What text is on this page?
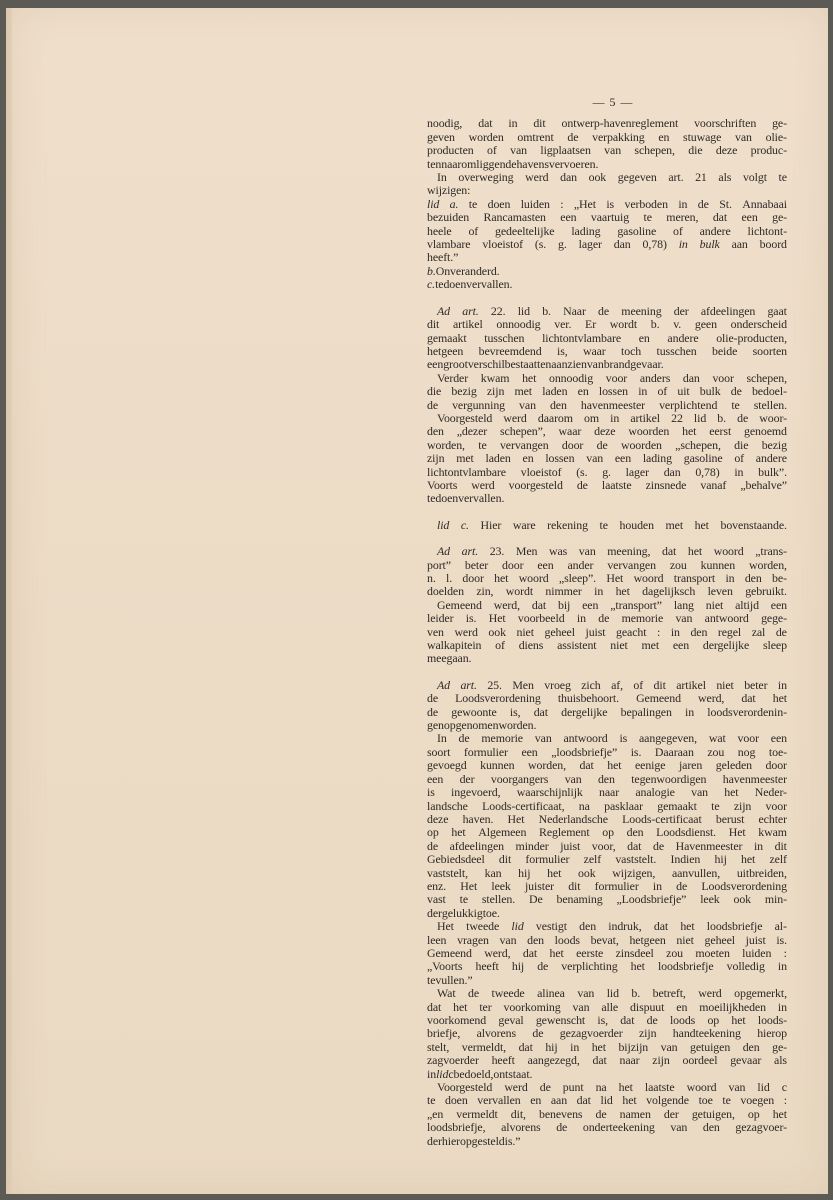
— 5 —
noodig, dat in dit ontwerp-havenreglement voorschriften ge-
geven worden omtrent de verpakking en stuwage van olie-
producten of van ligplaatsen van schepen, die deze produc-
ten naar omliggende havens vervoeren.
In overweging werd dan ook gegeven art. 21 als volgt te
wijzigen :
lid a. te doen luiden : „Het is verboden in de St. Annabaai
bezuiden Rancamasten een vaartuig te meren, dat een ge-
heele of gedeeltelijke lading gasoline of andere lichtont-
vlambare vloeistof (s. g. lager dan 0,78) in bulk aan boord
heeft.”
b. Onveranderd.
c. te doen vervallen.
Ad art. 22. lid b. Naar de meening der afdeelingen gaat
dit artikel onnoodig ver. Er wordt b. v. geen onderscheid
gemaakt tusschen lichtontvlambare en andere olie-producten,
hetgeen bevreemdend is, waar toch tusschen beide soorten
een groot verschil bestaat ten aanzien van brandgevaar.
Verder kwam het onnoodig voor anders dan voor schepen,
die bezig zijn met laden en lossen in of uit bulk de bedoel-
de vergunning van den havenmeester verplichtend te stellen.
Voorgesteld werd daarom om in artikel 22 lid b. de woor-
den „dezer schepen”, waar deze woorden het eerst genoemd
worden, te vervangen door de woorden „schepen, die bezig
zijn met laden en lossen van een lading gasoline of andere
lichtontvlambare vloeistof (s. g. lager dan 0,78) in bulk”.
Voorts werd voorgesteld de laatste zinsnede vanaf „behalve”
te doen vervallen.
lid c. Hier ware rekening te houden met het bovenstaande.
Ad art. 23. Men was van meening, dat het woord „trans-
port” beter door een ander vervangen zou kunnen worden,
n. l. door het woord „sleep”. Het woord transport in den be-
doelden zin, wordt nimmer in het dagelijksch leven gebruikt.
Gemeend werd, dat bij een „transport” lang niet altijd een
leider is. Het voorbeeld in de memorie van antwoord gege-
ven werd ook niet geheel juist geacht : in den regel zal de
walkapitein of diens assistent niet met een dergelijke sleep
meegaan.
Ad art. 25. Men vroeg zich af, of dit artikel niet beter in
de Loodsverordening thuisbehoort. Gemeend werd, dat het
de gewoonte is, dat dergelijke bepalingen in loodsverordenin-
gen opgenomen worden.
In de memorie van antwoord is aangegeven, wat voor een
soort formulier een „loodsbriefje” is. Daaraan zou nog toe-
gevoegd kunnen worden, dat het eenige jaren geleden door
een der voorgangers van den tegenwoordigen havenmeester
is ingevoerd, waarschijnlijk naar analogie van het Neder-
landsche Loods-certificaat, na pasklaar gemaakt te zijn voor
deze haven. Het Nederlandsche Loods-certificaat berust echter
op het Algemeen Reglement op den Loodsdienst. Het kwam
de afdeelingen minder juist voor, dat de Havenmeester in dit
Gebiedsdeel dit formulier zelf vaststelt. Indien hij het zelf
vaststelt, kan hij het ook wijzigen, aanvullen, uitbreiden,
enz. Het leek juister dit formulier in de Loodsverordening
vast te stellen. De benaming „Loodsbriefje” leek ook min-
der gelukkig toe.
Het tweede lid vestigt den indruk, dat het loodsbriefje al-
leen vragen van den loods bevat, hetgeen niet geheel juist is.
Gemeend werd, dat het eerste zinsdeel zou moeten luiden :
„Voorts heeft hij de verplichting het loodsbriefje volledig in
te vullen.”
Wat de tweede alinea van lid b. betreft, werd opgemerkt,
dat het ter voorkoming van alle dispuut en moeilijkheden in
voorkomend geval gewenscht is, dat de loods op het loods-
briefje, alvorens de gezagvoerder zijn handteekening hierop
stelt, vermeldt, dat hij in het bijzijn van getuigen den ge-
zagvoerder heeft aangezegd, dat naar zijn oordeel gevaar als
in lid c bedoeld, ontstaat.
Voorgesteld werd de punt na het laatste woord van lid c
te doen vervallen en aan dat lid het volgende toe te voegen :
„en vermeldt dit, benevens de namen der getuigen, op het
loodsbriefje, alvorens de onderteekening van den gezagvoer-
der hierop gesteld is.”
